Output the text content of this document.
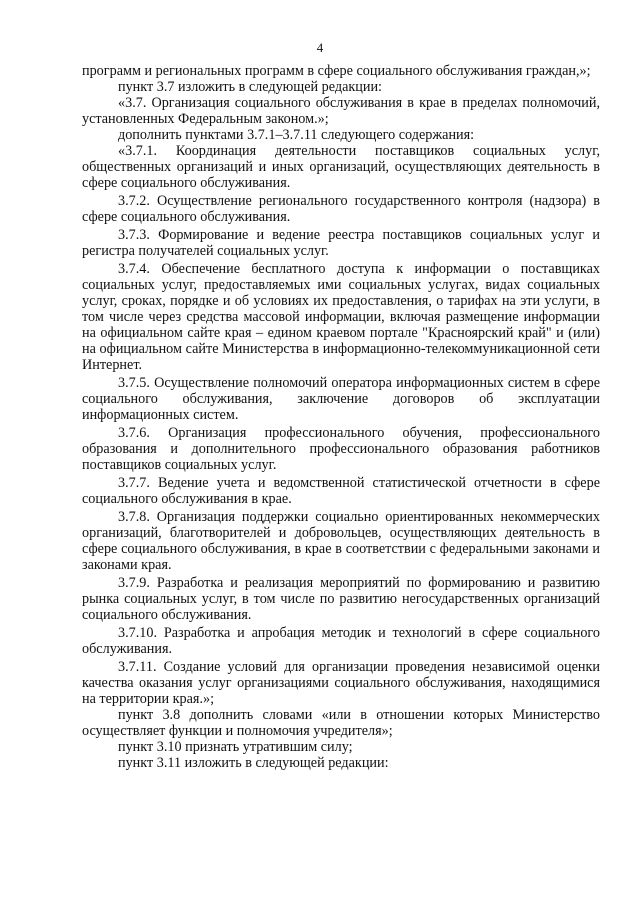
4

программ и региональных программ в сфере социального обслуживания граждан,»;

пункт 3.7 изложить в следующей редакции:

«3.7. Организация социального обслуживания в крае в пределах полномочий, установленных Федеральным законом.»;

дополнить пунктами 3.7.1–3.7.11 следующего содержания:

«3.7.1. Координация деятельности поставщиков социальных услуг, общественных организаций и иных организаций, осуществляющих деятельность в сфере социального обслуживания.

3.7.2. Осуществление регионального государственного контроля (надзора) в сфере социального обслуживания.

3.7.3. Формирование и ведение реестра поставщиков социальных услуг и регистра получателей социальных услуг.

3.7.4. Обеспечение бесплатного доступа к информации о поставщиках социальных услуг, предоставляемых ими социальных услугах, видах социальных услуг, сроках, порядке и об условиях их предоставления, о тарифах на эти услуги, в том числе через средства массовой информации, включая размещение информации на официальном сайте края – едином краевом портале "Красноярский край" и (или) на официальном сайте Министерства в информационно-телекоммуникационной сети Интернет.

3.7.5. Осуществление полномочий оператора информационных систем в сфере социального обслуживания, заключение договоров об эксплуатации информационных систем.

3.7.6. Организация профессионального обучения, профессионального образования и дополнительного профессионального образования работников поставщиков социальных услуг.

3.7.7. Ведение учета и ведомственной статистической отчетности в сфере социального обслуживания в крае.

3.7.8. Организация поддержки социально ориентированных некоммерческих организаций, благотворителей и добровольцев, осуществляющих деятельность в сфере социального обслуживания, в крае в соответствии с федеральными законами и законами края.

3.7.9. Разработка и реализация мероприятий по формированию и развитию рынка социальных услуг, в том числе по развитию негосударственных организаций социального обслуживания.

3.7.10. Разработка и апробация методик и технологий в сфере социального обслуживания.

3.7.11. Создание условий для организации проведения независимой оценки качества оказания услуг организациями социального обслуживания, находящимися на территории края.»;

пункт 3.8 дополнить словами «или в отношении которых Министерство осуществляет функции и полномочия учредителя»;

пункт 3.10 признать утратившим силу;

пункт 3.11 изложить в следующей редакции:
